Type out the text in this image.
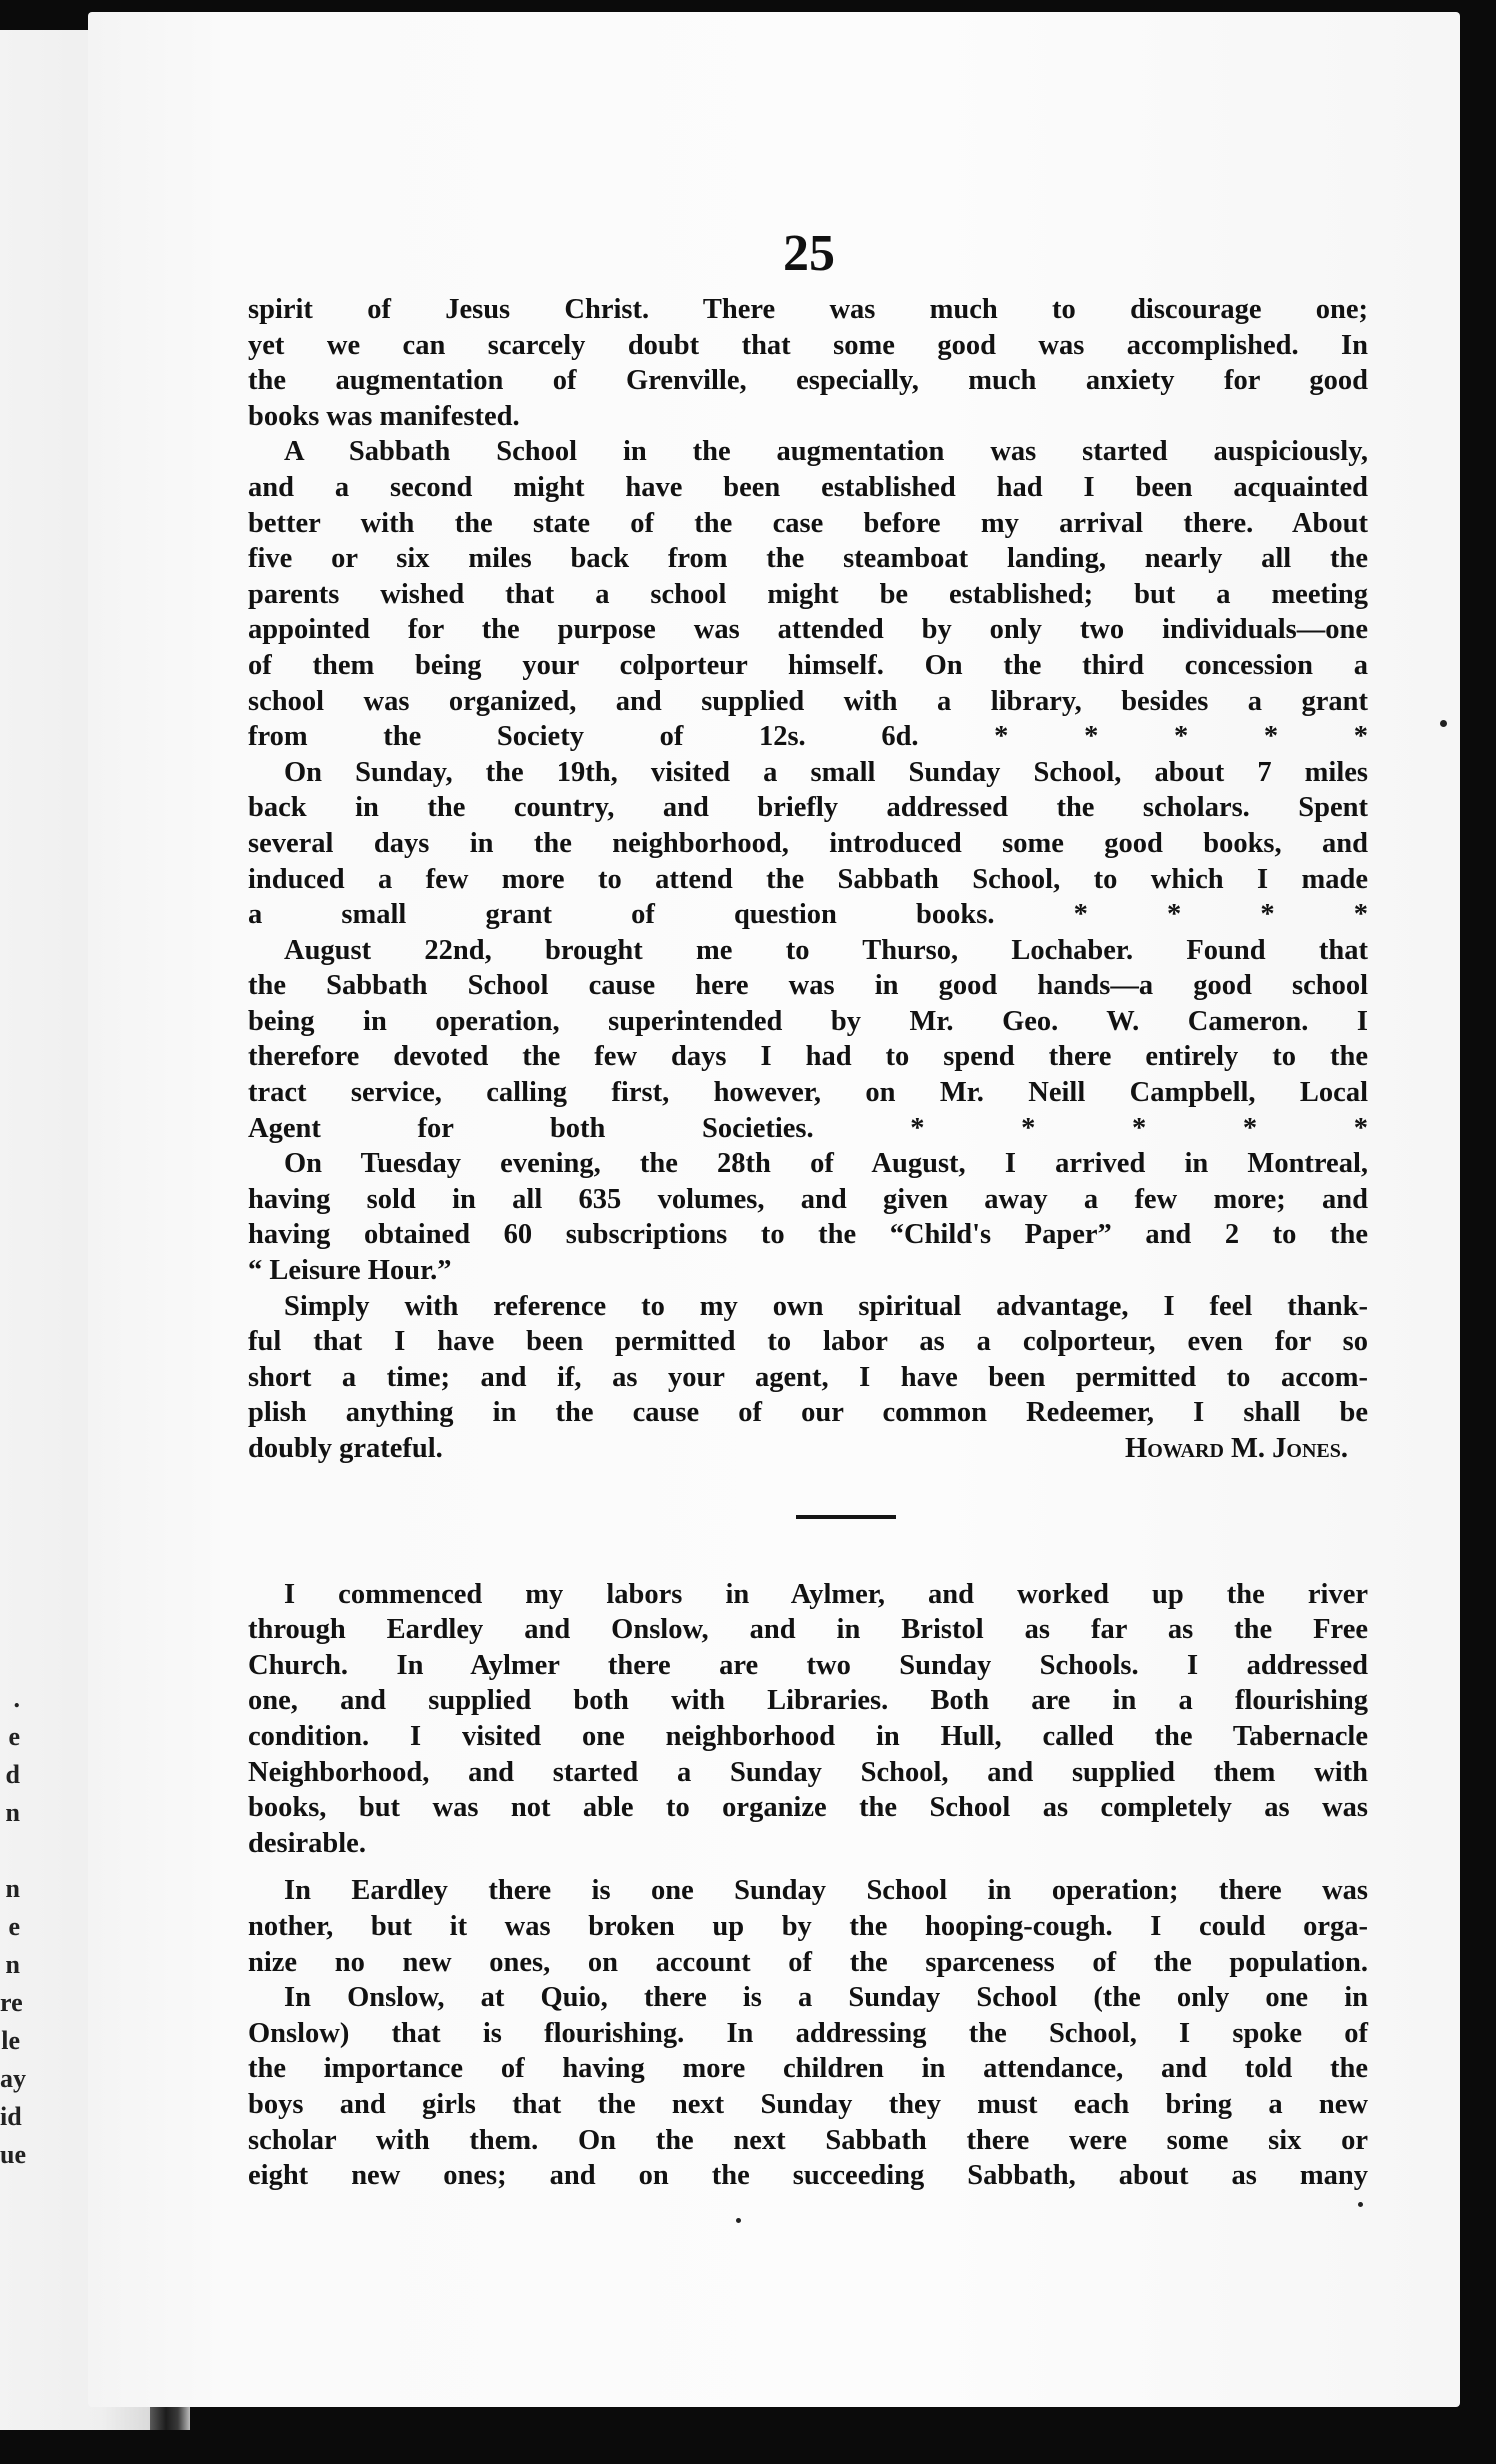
.
e
d
n
n
e
n
re
le
ay
id
ue
25
spirit of Jesus Christ. There was much to discourage one;
yet we can scarcely doubt that some good was accomplished. In
the augmentation of Grenville, especially, much anxiety for good
books was manifested.
A Sabbath School in the augmentation was started auspiciously,
and a second might have been established had I been acquainted
better with the state of the case before my arrival there. About
five or six miles back from the steamboat landing, nearly all the
parents wished that a school might be established; but a meeting
appointed for the purpose was attended by only two individuals—one
of them being your colporteur himself. On the third concession a
school was organized, and supplied with a library, besides a grant
from the Society of 12s. 6d. * * * * *
On Sunday, the 19th, visited a small Sunday School, about 7 miles
back in the country, and briefly addressed the scholars. Spent
several days in the neighborhood, introduced some good books, and
induced a few more to attend the Sabbath School, to which I made
a small grant of question books. * * * *
August 22nd, brought me to Thurso, Lochaber. Found that
the Sabbath School cause here was in good hands—a good school
being in operation, superintended by Mr. Geo. W. Cameron. I
therefore devoted the few days I had to spend there entirely to the
tract service, calling first, however, on Mr. Neill Campbell, Local
Agent for both Societies. * * * * *
On Tuesday evening, the 28th of August, I arrived in Montreal,
having sold in all 635 volumes, and given away a few more; and
having obtained 60 subscriptions to the “Child's Paper” and 2 to the
“ Leisure Hour.”
Simply with reference to my own spiritual advantage, I feel thank-
ful that I have been permitted to labor as a colporteur, even for so
short a time; and if, as your agent, I have been permitted to accom-
plish anything in the cause of our common Redeemer, I shall be
doubly grateful.	Howard M. Jones.
I commenced my labors in Aylmer, and worked up the river
through Eardley and Onslow, and in Bristol as far as the Free
Church. In Aylmer there are two Sunday Schools. I addressed
one, and supplied both with Libraries. Both are in a flourishing
condition. I visited one neighborhood in Hull, called the Tabernacle
Neighborhood, and started a Sunday School, and supplied them with
books, but was not able to organize the School as completely as was
desirable.
In Eardley there is one Sunday School in operation; there was
nother, but it was broken up by the hooping-cough. I could orga-
nize no new ones, on account of the sparceness of the population.
In Onslow, at Quio, there is a Sunday School (the only one in
Onslow) that is flourishing. In addressing the School, I spoke of
the importance of having more children in attendance, and told the
boys and girls that the next Sunday they must each bring a new
scholar with them. On the next Sabbath there were some six or
eight new ones; and on the succeeding Sabbath, about as many
